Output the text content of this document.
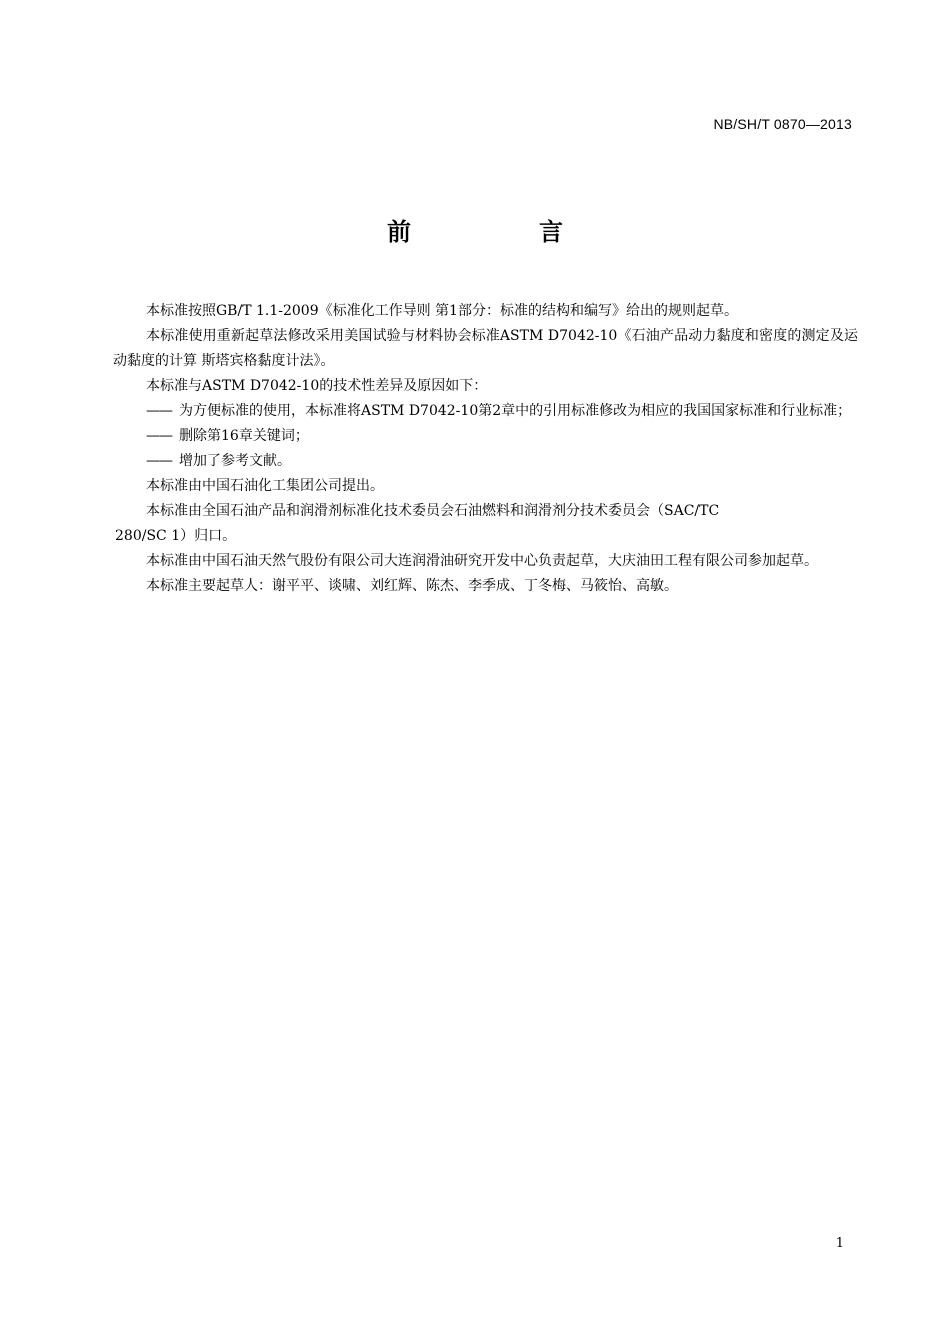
NB/SH/T 0870—2013
前　言

本标准按照GB/T 1.1-2009《标准化工作导则 第1部分：标准的结构和编写》给出的规则起草。

本标准使用重新起草法修改采用美国试验与材料协会标准ASTM D7042-10《石油产品动力黏度和密度的测定及运动黏度的计算 斯塔宾格黏度计法》。

本标准与ASTM D7042-10的技术性差异及原因如下：

—— 为方便标准的使用，本标准将ASTM D7042-10第2章中的引用标准修改为相应的我国国家标准和行业标准；

—— 删除第16章关键词；

—— 增加了参考文献。

本标准由中国石油化工集团公司提出。

本标准由全国石油产品和润滑剂标准化技术委员会石油燃料和润滑剂分技术委员会（SAC/TC
280/SC 1）归口。

本标准由中国石油天然气股份有限公司大连润滑油研究开发中心负责起草，大庆油田工程有限公司参加起草。

本标准主要起草人：谢平平、谈啸、刘红辉、陈杰、李季成、丁冬梅、马筱怡、高敏。

1
